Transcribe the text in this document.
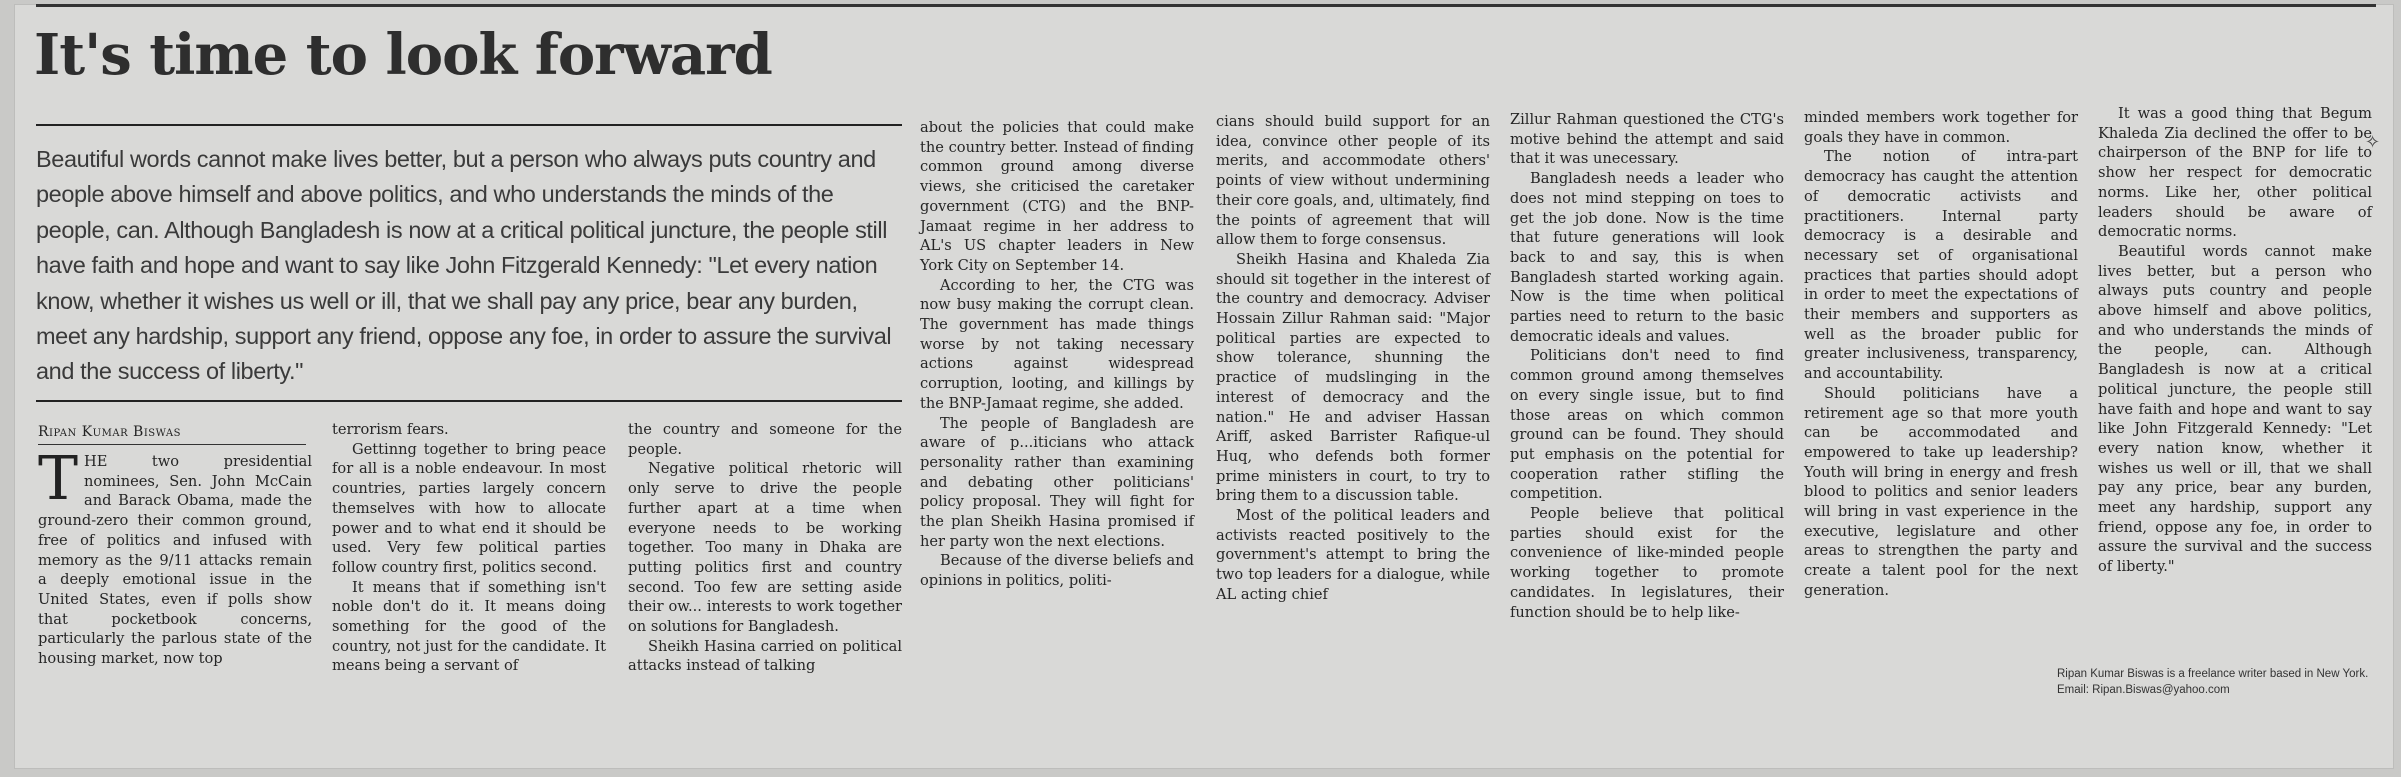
It's time to look forward
Beautiful words cannot make lives better, but a person who always puts country and people above himself and above politics, and who understands the minds of the people, can. Although Bangladesh is now at a critical political juncture, the people still have faith and hope and want to say like John Fitzgerald Kennedy: "Let every nation know, whether it wishes us well or ill, that we shall pay any price, bear any burden, meet any hardship, support any friend, oppose any foe, in order to assure the survival and the success of liberty."
Ripan Kumar Biswas

THE two presidential nominees, Sen. John McCain and Barack Obama, made the ground-zero their common ground, free of politics and infused with memory as the 9/11 attacks remain a deeply emotional issue in the United States, even if polls show that pocketbook concerns, particularly the parlous state of the housing market, now top

terrorism fears.

Gettinng together to bring peace for all is a noble endeavour. In most countries, parties largely concern themselves with how to allocate power and to what end it should be used. Very few political parties follow country first, politics second.

It means that if something isn't noble don't do it. It means doing something for the good of the country, not just for the candidate. It means being a servant of

the country and someone for the people.

Negative political rhetoric will only serve to drive the people further apart at a time when everyone needs to be working together. Too many in Dhaka are putting politics first and country second. Too few are setting aside their ow... interests to work together on solutions for Bangladesh.

Sheikh Hasina carried on political attacks instead of talking

about the policies that could make the country better. Instead of finding common ground among diverse views, she criticised the caretaker government (CTG) and the BNP-Jamaat regime in her address to AL's US chapter leaders in New York City on September 14.

According to her, the CTG was now busy making the corrupt clean. The government has made things worse by not taking necessary actions against widespread corruption, looting, and killings by the BNP-Jamaat regime, she added.

The people of Bangladesh are aware of p...iticians who attack personality rather than examining and debating other politicians' policy proposal. They will fight for the plan Sheikh Hasina promised if her party won the next elections.

Because of the diverse beliefs and opinions in politics, politi-

cians should build support for an idea, convince other people of its merits, and accommodate others' points of view without undermining their core goals, and, ultimately, find the points of agreement that will allow them to forge consensus.

Sheikh Hasina and Khaleda Zia should sit together in the interest of the country and democracy. Adviser Hossain Zillur Rahman said: "Major political parties are expected to show tolerance, shunning the practice of mudslinging in the interest of democracy and the nation." He and adviser Hassan Ariff, asked Barrister Rafique-ul Huq, who defends both former prime ministers in court, to try to bring them to a discussion table.

Most of the political leaders and activists reacted positively to the government's attempt to bring the two top leaders for a dialogue, while AL acting chief

Zillur Rahman questioned the CTG's motive behind the attempt and said that it was unecessary.

Bangladesh needs a leader who does not mind stepping on toes to get the job done. Now is the time that future generations will look back to and say, this is when Bangladesh started working again. Now is the time when political parties need to return to the basic democratic ideals and values.

Politicians don't need to find common ground among themselves on every single issue, but to find those areas on which common ground can be found. They should put emphasis on the potential for cooperation rather stifling the competition.

People believe that political parties should exist for the convenience of like-minded people working together to promote candidates. In legislatures, their function should be to help like-

minded members work together for goals they have in common.

The notion of intra-part democracy has caught the attention of democratic activists and practitioners. Internal party democracy is a desirable and necessary set of organisational practices that parties should adopt in order to meet the expectations of their members and supporters as well as the broader public for greater inclusiveness, transparency, and accountability.

Should politicians have a retirement age so that more youth can be accommodated and empowered to take up leadership? Youth will bring in energy and fresh blood to politics and senior leaders will bring in vast experience in the executive, legislature and other areas to strengthen the party and create a talent pool for the next generation.

It was a good thing that Begum Khaleda Zia declined the offer to be chairperson of the BNP for life to show her respect for democratic norms. Like her, other political leaders should be aware of democratic norms.

Beautiful words cannot make lives better, but a person who always puts country and people above himself and above politics, and who understands the minds of the people, can. Although Bangladesh is now at a critical political juncture, the people still have faith and hope and want to say like John Fitzgerald Kennedy: "Let every nation know, whether it wishes us well or ill, that we shall pay any price, bear any burden, meet any hardship, support any friend, oppose any foe, in order to assure the survival and the success of liberty."

Ripan Kumar Biswas is a freelance writer based in New York. Email: Ripan.Biswas@yahoo.com
✧
